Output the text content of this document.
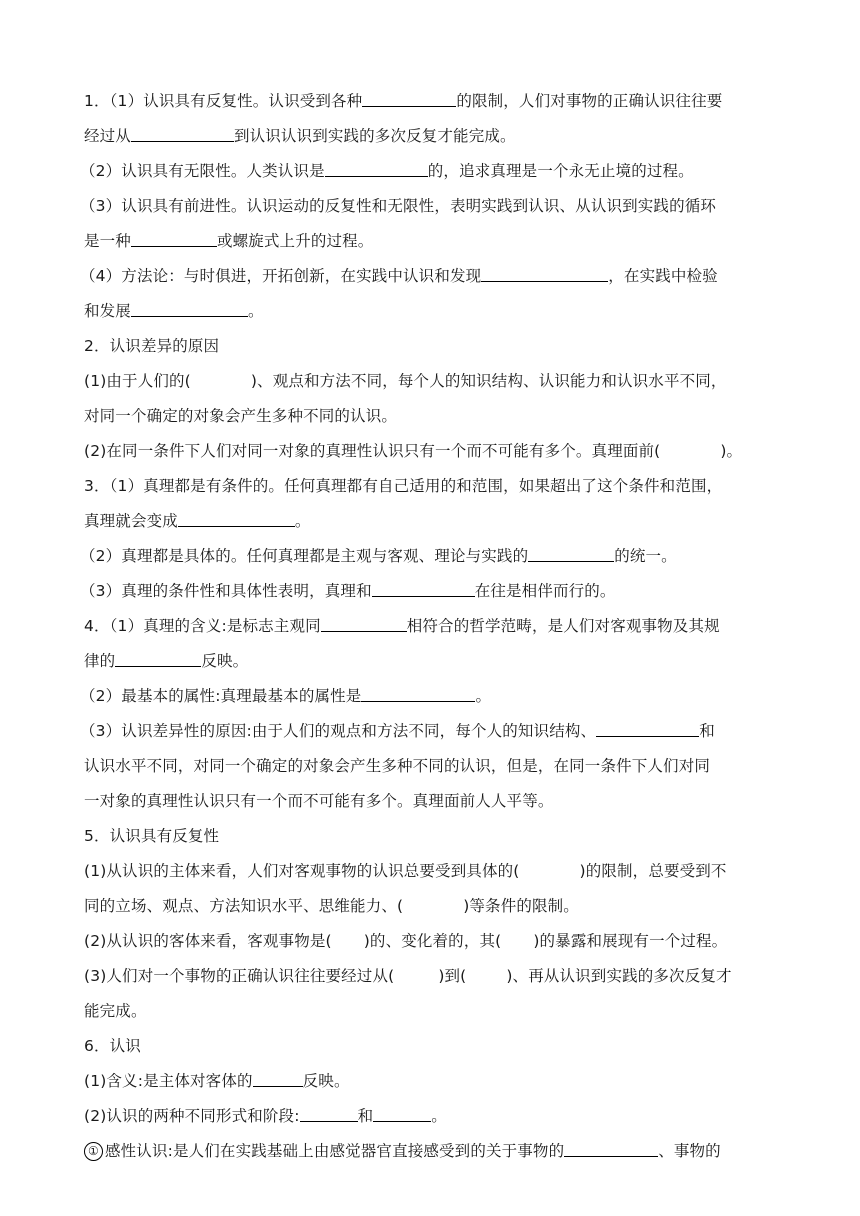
1．（1）认识具有反复性。认识受到各种	的限制，人们对事物的正确认识往往要
经过从	到认识认识到实践的多次反复才能完成。
（2）认识具有无限性。人类认识是	的，追求真理是一个永无止境的过程。
（3）认识具有前进性。认识运动的反复性和无限性，表明实践到认识、从认识到实践的循环
是一种	或螺旋式上升的过程。
（4）方法论：与时俱进，开拓创新，在实践中认识和发现	，在实践中检验
和发展	。
2．认识差异的原因
(1)由于人们的(	)、观点和方法不同，每个人的知识结构、认识能力和认识水平不同，
对同一个确定的对象会产生多种不同的认识。
(2)在同一条件下人们对同一对象的真理性认识只有一个而不可能有多个。真理面前(	)。
3．（1）真理都是有条件的。任何真理都有自己适用的和范围，如果超出了这个条件和范围，
真理就会变成	。
（2）真理都是具体的。任何真理都是主观与客观、理论与实践的	的统一。
（3）真理的条件性和具体性表明，真理和	在往是相伴而行的。
4．（1）真理的含义:是标志主观同	相符合的哲学范畴，是人们对客观事物及其规
律的	反映。
（2）最基本的属性:真理最基本的属性是	。
（3）认识差异性的原因:由于人们的观点和方法不同，每个人的知识结构、	和
认识水平不同，对同一个确定的对象会产生多种不同的认识，但是，在同一条件下人们对同
一对象的真理性认识只有一个而不可能有多个。真理面前人人平等。
5．认识具有反复性
(1)从认识的主体来看，人们对客观事物的认识总要受到具体的(	)的限制，总要受到不
同的立场、观点、方法知识水平、思维能力、(	)等条件的限制。
(2)从认识的客体来看，客观事物是( )的、变化着的，其( )的暴露和展现有一个过程。
(3)人们对一个事物的正确认识往往要经过从(	)到(	)、再从认识到实践的多次反复才
能完成。
6．认识
(1)含义:是主体对客体的	反映。
(2)认识的两种不同形式和阶段:	和	。
① 感性认识:是人们在实践基础上由感觉器官直接感受到的关于事物的	、事物的
